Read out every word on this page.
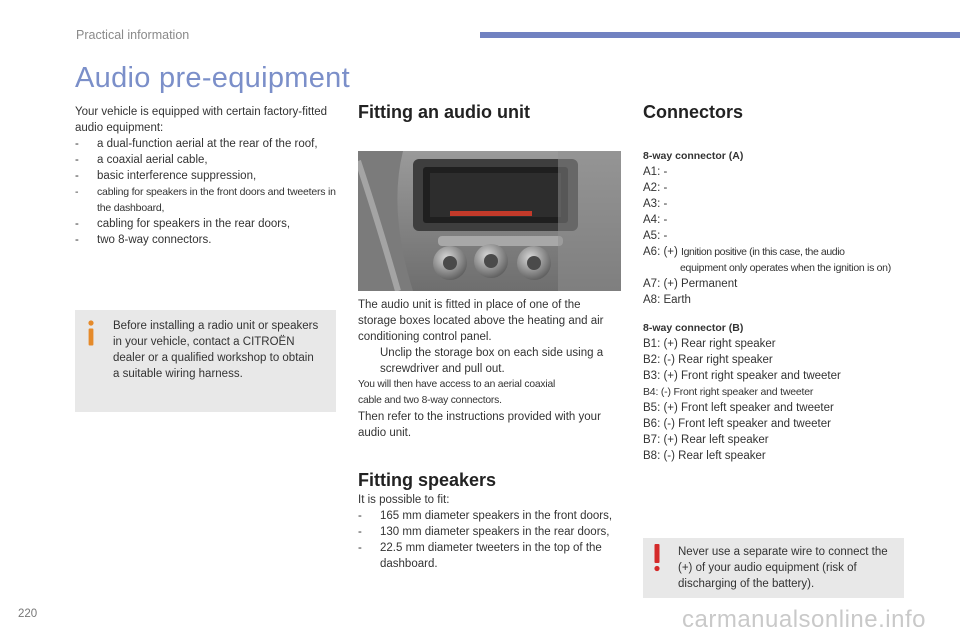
Practical information
Audio pre-equipment

Your vehicle is equipped with certain factory-fitted audio equipment:

- a dual-function aerial at the rear of the roof,
- a coaxial aerial cable,
- basic interference suppression,
- cabling for speakers in the front doors and tweeters in the dashboard,
- cabling for speakers in the rear doors,
- two 8-way connectors.
Before installing a radio unit or speakers in your vehicle, contact a CITROËN dealer or a qualified workshop to obtain a suitable wiring harness.
Fitting an audio unit

The audio unit is fitted in place of one of the storage boxes located above the heating and air conditioning control panel.

Unclip the storage box on each side using a screwdriver and pull out.

You will then have access to an aerial coaxial cable and two 8-way connectors.

Then refer to the instructions provided with your audio unit.

Fitting speakers

It is possible to fit:

- 165 mm diameter speakers in the front doors,
- 130 mm diameter speakers in the rear doors,
- 22.5 mm diameter tweeters in the top of the dashboard.
Connectors
8-way connector (A)
A1: -
A2: -
A3: -
A4: -
A5: -
A6: (+) Ignition positive (in this case, the audio
equipment only operates when the ignition is on)
A7: (+) Permanent
A8: Earth
8-way connector (B)
B1: (+) Rear right speaker
B2: (-) Rear right speaker
B3: (+) Front right speaker and tweeter
B4: (-) Front right speaker and tweeter
B5: (+) Front left speaker and tweeter
B6: (-) Front left speaker and tweeter
B7: (+) Rear left speaker
B8: (-) Rear left speaker
Never use a separate wire to connect the (+) of your audio equipment (risk of discharging of the battery).
220	carmanualsonline.info
